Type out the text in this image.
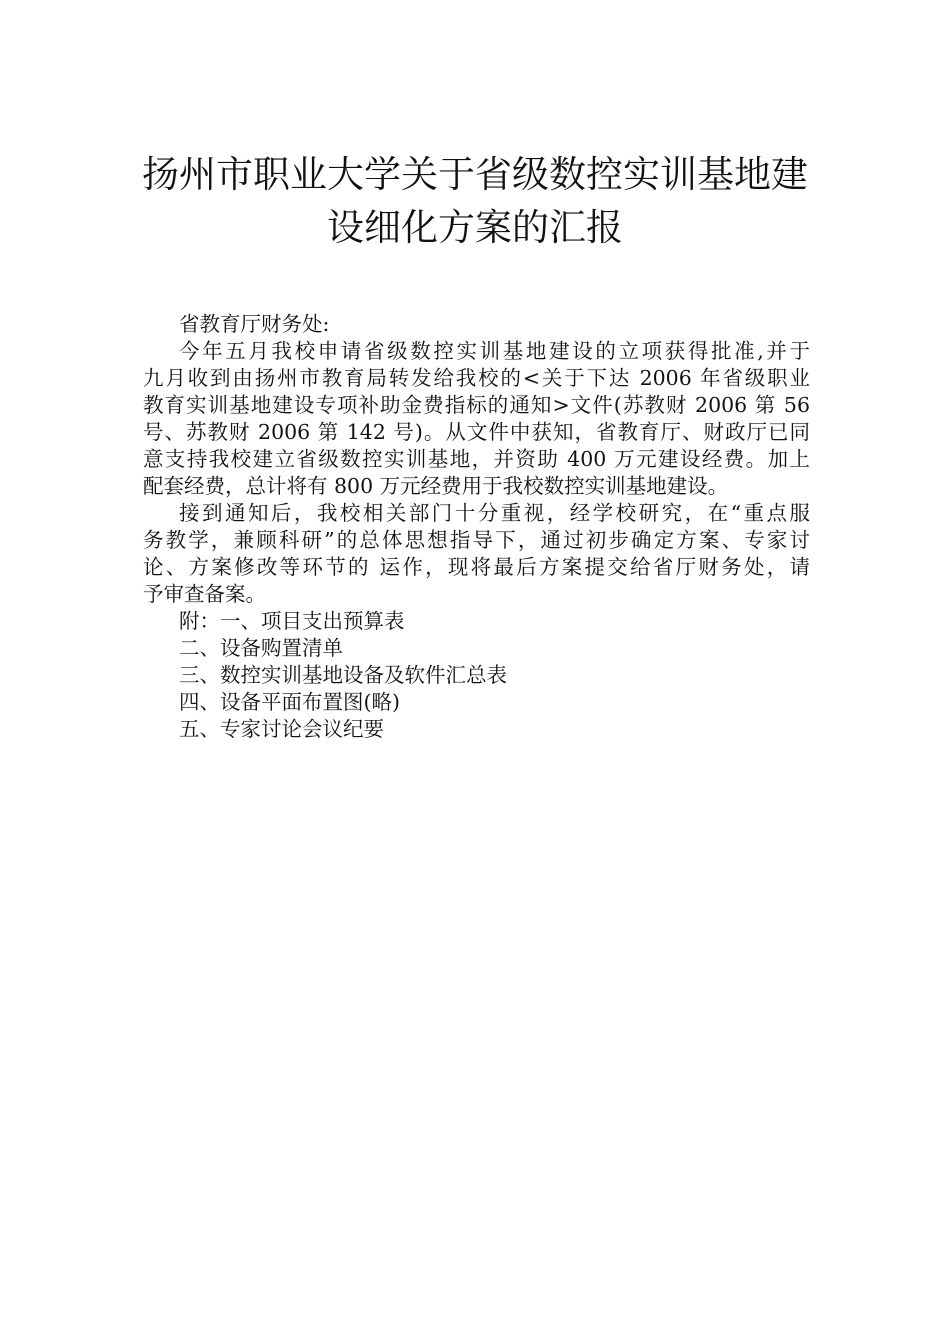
扬州市职业大学关于省级数控实训基地建
设细化方案的汇报
省教育厅财务处:
今年五月我校申请省级数控实训基地建设的立项获得批准,并于
九月收到由扬州市教育局转发给我校的<关于下达 2006 年省级职业
教育实训基地建设专项补助金费指标的通知>文件(苏教财 2006 第 56
号、苏教财 2006 第 142 号)。从文件中获知，省教育厅、财政厅已同
意支持我校建立省级数控实训基地，并资助 400 万元建设经费。加上
配套经费，总计将有 800 万元经费用于我校数控实训基地建设。
接到通知后，我校相关部门十分重视，经学校研究，在“重点服
务教学，兼顾科研”的总体思想指导下，通过初步确定方案、专家讨
论、方案修改等环节的 运作，现将最后方案提交给省厅财务处，请
予审查备案。
附：一、项目支出预算表
二、设备购置清单
三、数控实训基地设备及软件汇总表
四、设备平面布置图(略)
五、专家讨论会议纪要
